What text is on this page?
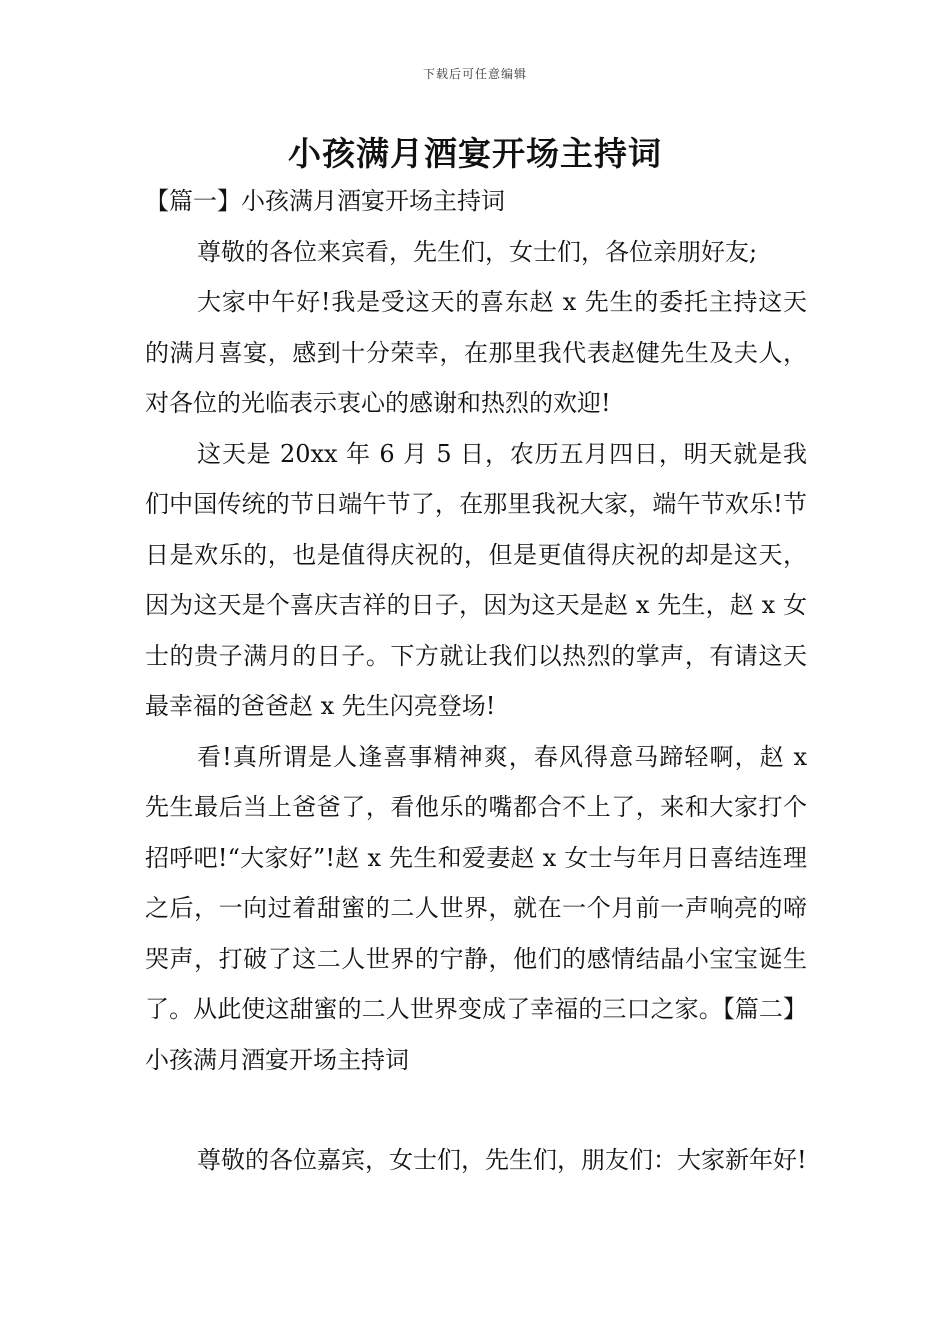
下载后可任意编辑
小孩满月酒宴开场主持词

【篇一】小孩满月酒宴开场主持词

尊敬的各位来宾看，先生们，女士们，各位亲朋好友;

大家中午好!我是受这天的喜东赵 x 先生的委托主持这天的满月喜宴，感到十分荣幸，在那里我代表赵健先生及夫人，对各位的光临表示衷心的感谢和热烈的欢迎!

这天是 20xx 年 6 月 5 日，农历五月四日，明天就是我们中国传统的节日端午节了，在那里我祝大家，端午节欢乐!节日是欢乐的，也是值得庆祝的，但是更值得庆祝的却是这天，因为这天是个喜庆吉祥的日子，因为这天是赵 x 先生，赵 x 女士的贵子满月的日子。下方就让我们以热烈的掌声，有请这天最幸福的爸爸赵 x 先生闪亮登场!

看!真所谓是人逢喜事精神爽，春风得意马蹄轻啊，赵 x 先生最后当上爸爸了，看他乐的嘴都合不上了，来和大家打个招呼吧!“大家好”!赵 x 先生和爱妻赵 x 女士与年月日喜结连理之后，一向过着甜蜜的二人世界，就在一个月前一声响亮的啼哭声，打破了这二人世界的宁静，他们的感情结晶小宝宝诞生了。从此使这甜蜜的二人世界变成了幸福的三口之家。【篇二】小孩满月酒宴开场主持词

尊敬的各位嘉宾，女士们，先生们，朋友们：大家新年好!
